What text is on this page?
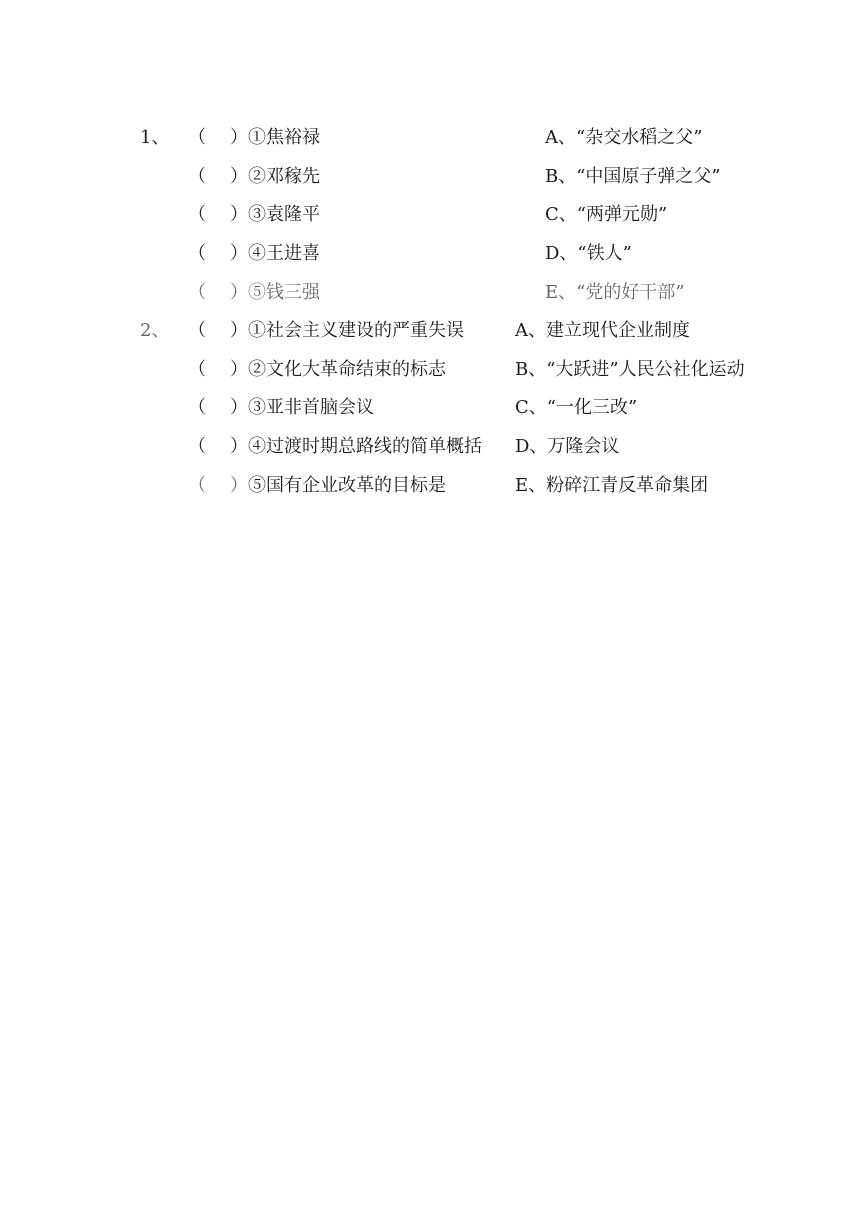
1、 （ ） ①焦裕禄	A、“杂交水稻之父”
（ ） ②邓稼先	B、“中国原子弹之父”
（ ） ③袁隆平	C、“两弹元勋”
（ ） ④王进喜	D、“铁人”
（ ） ⑤钱三强	E、“党的好干部”
2、 （ ） ①社会主义建设的严重失误	A、建立现代企业制度
（ ） ②文化大革命结束的标志	B、“大跃进”人民公社化运动
（ ） ③亚非首脑会议	C、“一化三改”
（ ） ④过渡时期总路线的简单概括 D、万隆会议
（ ） ⑤国有企业改革的目标是	E、粉碎江青反革命集团
